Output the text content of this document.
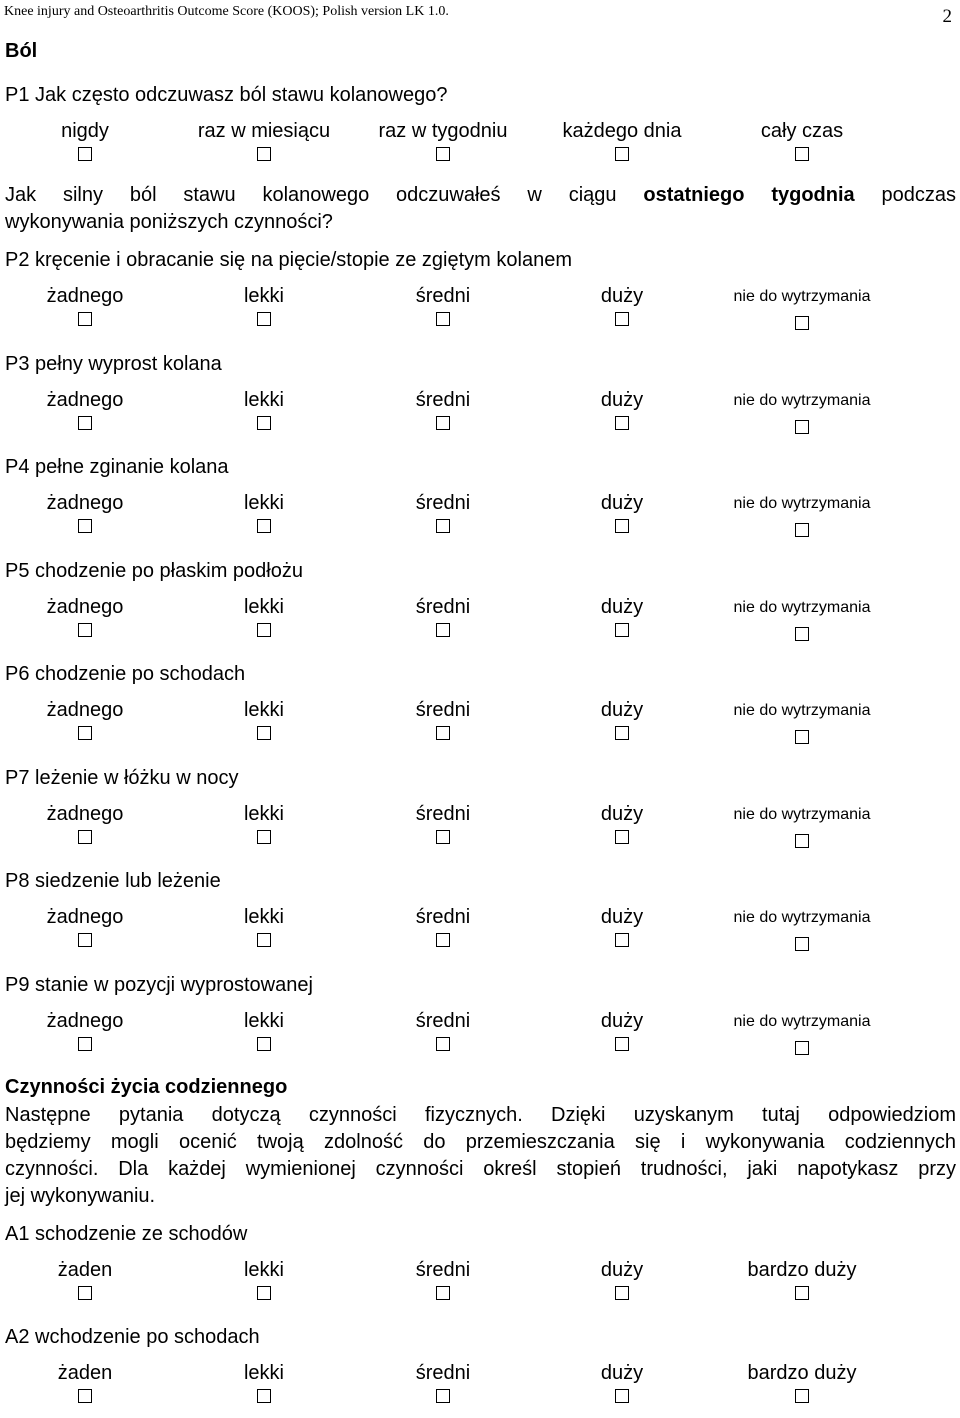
Knee injury and Osteoarthritis Outcome Score (KOOS); Polish version LK 1.0.	2
Ból
P1 Jak często odczuwasz ból stawu kolanowego?
nigdy	raz w miesiącu raz w tygodniu	każdego dnia	cały czas
Jak silny ból stawu kolanowego odczuwałeś w ciągu ostatniego tygodnia podczas
wykonywania poniższych czynności?
P2 kręcenie i obracanie się na pięcie/stopie ze zgiętym kolanem
żadnego	lekki	średni	duży	nie do wytrzymania
P3 pełny wyprost kolana
żadnego	lekki	średni	duży	nie do wytrzymania
P4 pełne zginanie kolana
żadnego	lekki	średni	duży	nie do wytrzymania
P5 chodzenie po płaskim podłożu
żadnego	lekki	średni	duży	nie do wytrzymania
P6 chodzenie po schodach
żadnego	lekki	średni	duży	nie do wytrzymania
P7 leżenie w łóżku w nocy
żadnego	lekki	średni	duży	nie do wytrzymania
P8 siedzenie lub leżenie
żadnego	lekki	średni	duży	nie do wytrzymania
P9 stanie w pozycji wyprostowanej
żadnego	lekki	średni	duży	nie do wytrzymania
Czynności życia codziennego
Następne pytania dotyczą czynności fizycznych. Dzięki uzyskanym tutaj odpowiedziom
będziemy mogli ocenić twoją zdolność do przemieszczania się i wykonywania codziennych
czynności. Dla każdej wymienionej czynności określ stopień trudności, jaki napotykasz przy
jej wykonywaniu.
A1 schodzenie ze schodów
żaden	lekki	średni	duży	bardzo duży
A2 wchodzenie po schodach
żaden	lekki	średni	duży	bardzo duży
